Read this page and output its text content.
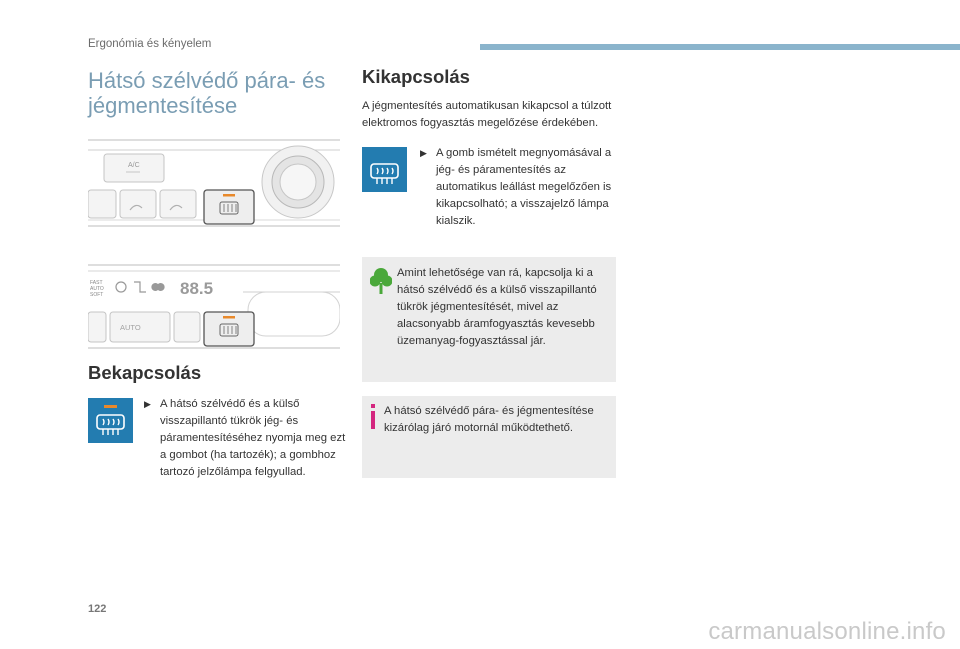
Ergonómia és kényelem
Hátsó szélvédő pára- és jégmentesítése
A/C
FAST
AUTO
SOFT	88.5
AUTO
Bekapcsolás
▶ A hátsó szélvédő és a külső visszapillantó tükrök jég- és páramentesítéséhez nyomja meg ezt a gombot (ha tartozék); a gombhoz tartozó jelzőlámpa felgyullad.
Kikapcsolás
A jégmentesítés automatikusan kikapcsol a túlzott elektromos fogyasztás megelőzése érdekében.
▶ A gomb ismételt megnyomásával a jég- és páramentesítés az automatikus leállást megelőzően is kikapcsolható; a visszajelző lámpa kialszik.
Amint lehetősége van rá, kapcsolja ki a hátsó szélvédő és a külső visszapillantó tükrök jégmentesítését, mivel az alacsonyabb áramfogyasztás kevesebb üzemanyag-fogyasztással jár.
A hátsó szélvédő pára- és jégmentesítése kizárólag járó motornál működtethető.
122
carmanualsonline.info
